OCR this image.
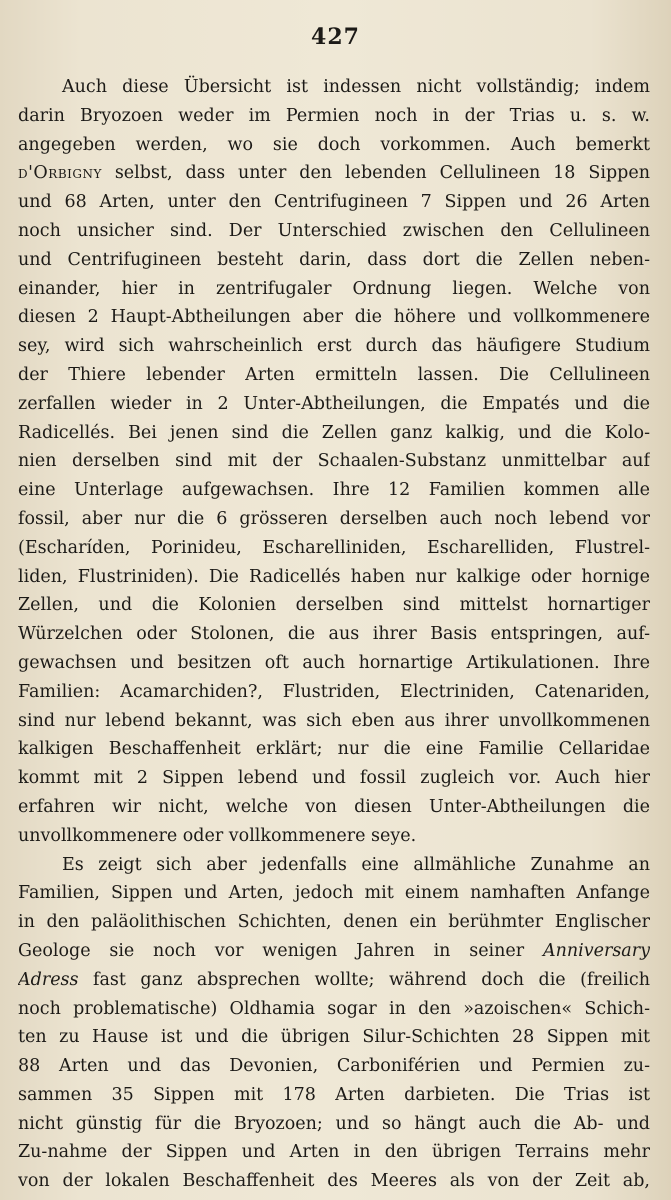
427
Auch diese Übersicht ist indessen nicht vollständig; indem
darin Bryozoen weder im Permien noch in der Trias u. s. w.
angegeben werden, wo sie doch vorkommen. Auch bemerkt
d'Orbigny selbst, dass unter den lebenden Cellulineen 18 Sippen
und 68 Arten, unter den Centrifugineen 7 Sippen und 26 Arten
noch unsicher sind. Der Unterschied zwischen den Cellulineen
und Centrifugineen besteht darin, dass dort die Zellen neben-
einander, hier in zentrifugaler Ordnung liegen. Welche von
diesen 2 Haupt-Abtheilungen aber die höhere und vollkommenere
sey, wird sich wahrscheinlich erst durch das häufigere Studium
der Thiere lebender Arten ermitteln lassen. Die Cellulineen
zerfallen wieder in 2 Unter-Abtheilungen, die Empatés und die
Radicellés. Bei jenen sind die Zellen ganz kalkig, und die Kolo-
nien derselben sind mit der Schaalen-Substanz unmittelbar auf
eine Unterlage aufgewachsen. Ihre 12 Familien kommen alle
fossil, aber nur die 6 grösseren derselben auch noch lebend vor
(Escharíden, Porinideu, Escharelliniden, Escharelliden, Flustrel-
liden, Flustriniden). Die Radicellés haben nur kalkige oder hornige
Zellen, und die Kolonien derselben sind mittelst hornartiger
Würzelchen oder Stolonen, die aus ihrer Basis entspringen, auf-
gewachsen und besitzen oft auch hornartige Artikulationen. Ihre
Familien: Acamarchiden?, Flustriden, Electriniden, Catenariden,
sind nur lebend bekannt, was sich eben aus ihrer unvollkommenen
kalkigen Beschaffenheit erklärt; nur die eine Familie Cellaridae
kommt mit 2 Sippen lebend und fossil zugleich vor. Auch hier
erfahren wir nicht, welche von diesen Unter-Abtheilungen die
unvollkommenere oder vollkommenere seye.
Es zeigt sich aber jedenfalls eine allmähliche Zunahme an
Familien, Sippen und Arten, jedoch mit einem namhaften Anfange
in den paläolithischen Schichten, denen ein berühmter Englischer
Geologe sie noch vor wenigen Jahren in seiner Anniversary
Adress fast ganz absprechen wollte; während doch die (freilich
noch problematische) Oldhamia sogar in den »azoischen« Schich-
ten zu Hause ist und die übrigen Silur-Schichten 28 Sippen mit
88 Arten und das Devonien, Carboniférien und Permien zu-
sammen 35 Sippen mit 178 Arten darbieten. Die Trias ist
nicht günstig für die Bryozoen; und so hängt auch die Ab- und
Zu-nahme der Sippen und Arten in den übrigen Terrains mehr
von der lokalen Beschaffenheit des Meeres als von der Zeit ab,
